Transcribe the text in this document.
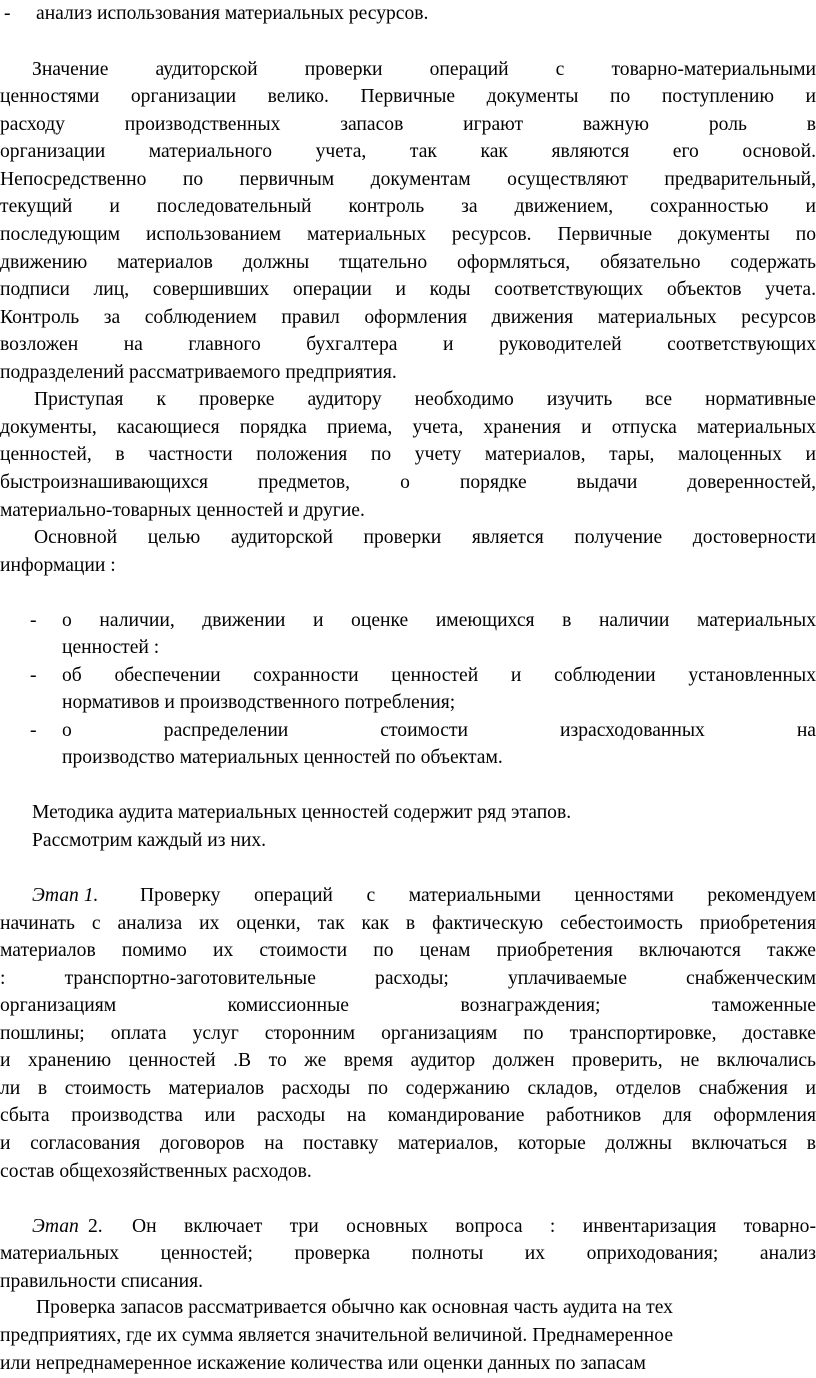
- анализ использования материальных ресурсов.
Значение аудиторской проверки операций с товарно-материальными
ценностями организации велико. Первичные документы по поступлению и
расходу производственных запасов играют важную роль в
организации материального учета, так как являются его основой.
Непосредственно по первичным документам осуществляют предварительный,
текущий и последовательный контроль за движением, сохранностью и
последующим использованием материальных ресурсов. Первичные документы по
движению материалов должны тщательно оформляться, обязательно содержать
подписи лиц, совершивших операции и коды соответствующих объектов учета.
Контроль за соблюдением правил оформления движения материальных ресурсов
возложен на главного бухгалтера и руководителей соответствующих
подразделений рассматриваемого предприятия.
Приступая к проверке аудитору необходимо изучить все нормативные
документы, касающиеся порядка приема, учета, хранения и отпуска материальных
ценностей, в частности положения по учету материалов, тары, малоценных и
быстроизнашивающихся предметов, о порядке выдачи доверенностей,
материально-товарных ценностей и другие.
Основной целью аудиторской проверки является получение достоверности
информации :
- о наличии, движении и оценке имеющихся в наличии материальных
ценностей :
- об обеспечении сохранности ценностей и соблюдении установленных
нормативов и производственного потребления;
- о распределении стоимости израсходованных на
производство материальных ценностей по объектам.
Методика аудита материальных ценностей содержит ряд этапов.
Рассмотрим каждый из них.
Этап 1. Проверку операций с материальными ценностями рекомендуем
начинать с анализа их оценки, так как в фактическую себестоимость приобретения
материалов помимо их стоимости по ценам приобретения включаются также
: транспортно-заготовительные расходы; уплачиваемые снабженческим
организациям комиссионные вознаграждения; таможенные
пошлины; оплата услуг сторонним организациям по транспортировке, доставке
и хранению ценностей .В то же время аудитор должен проверить, не включались
ли в стоимость материалов расходы по содержанию складов, отделов снабжения и
сбыта производства или расходы на командирование работников для оформления
и согласования договоров на поставку материалов, которые должны включаться в
состав общехозяйственных расходов.
Этап 2. Он включает три основных вопроса : инвентаризация товарно-
материальных ценностей; проверка полноты их оприходования; анализ
правильности списания.
Проверка запасов рассматривается обычно как основная часть аудита на тех
предприятиях, где их сумма является значительной величиной. Преднамеренное
или непреднамеренное искажение количества или оценки данных по запасам
